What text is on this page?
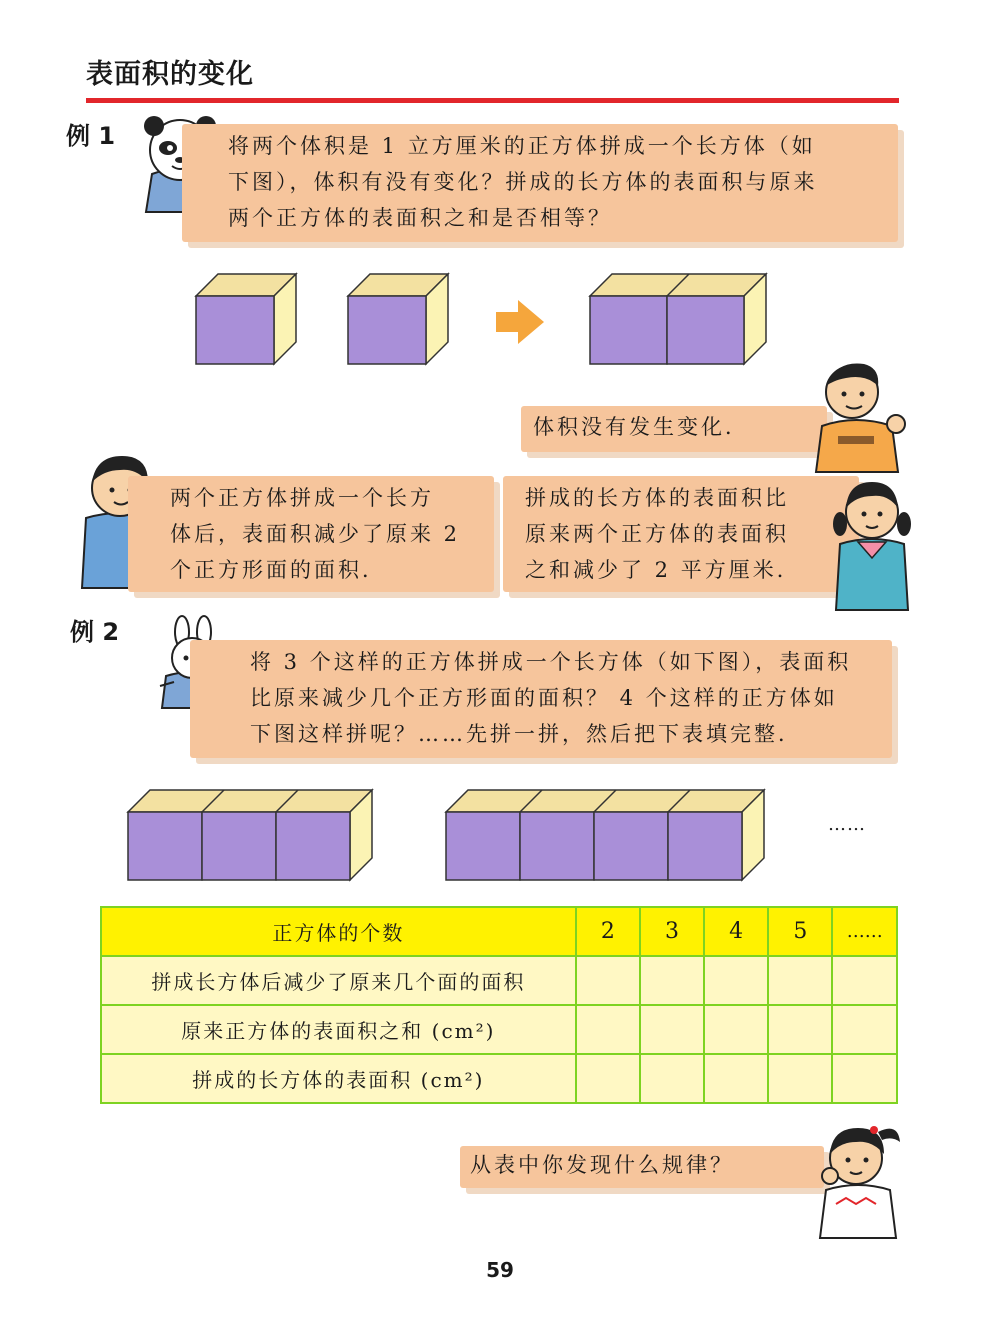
表面积的变化
例 1	将两个体积是 1 立方厘米的正方体拼成一个长方体（如
下图），体积有没有变化？拼成的长方体的表面积与原来
两个正方体的表面积之和是否相等？
体积没有发生变化．
两个正方体拼成一个长方
体后，表面积减少了原来 2
个正方形面的面积．
拼成的长方体的表面积比
原来两个正方体的表面积
之和减少了 2 平方厘米．
例 2
将 3 个这样的正方体拼成一个长方体（如下图），表面积
比原来减少几个正方形面的面积？ 4 个这样的正方体如
下图这样拼呢？……先拼一拼，然后把下表填完整．
……
正方体的个数	2	3	4	5	……
拼成长方体后减少了原来几个面的面积					
原来正方体的表面积之和 (cm²)					
拼成的长方体的表面积 (cm²)					
从表中你发现什么规律？
59
